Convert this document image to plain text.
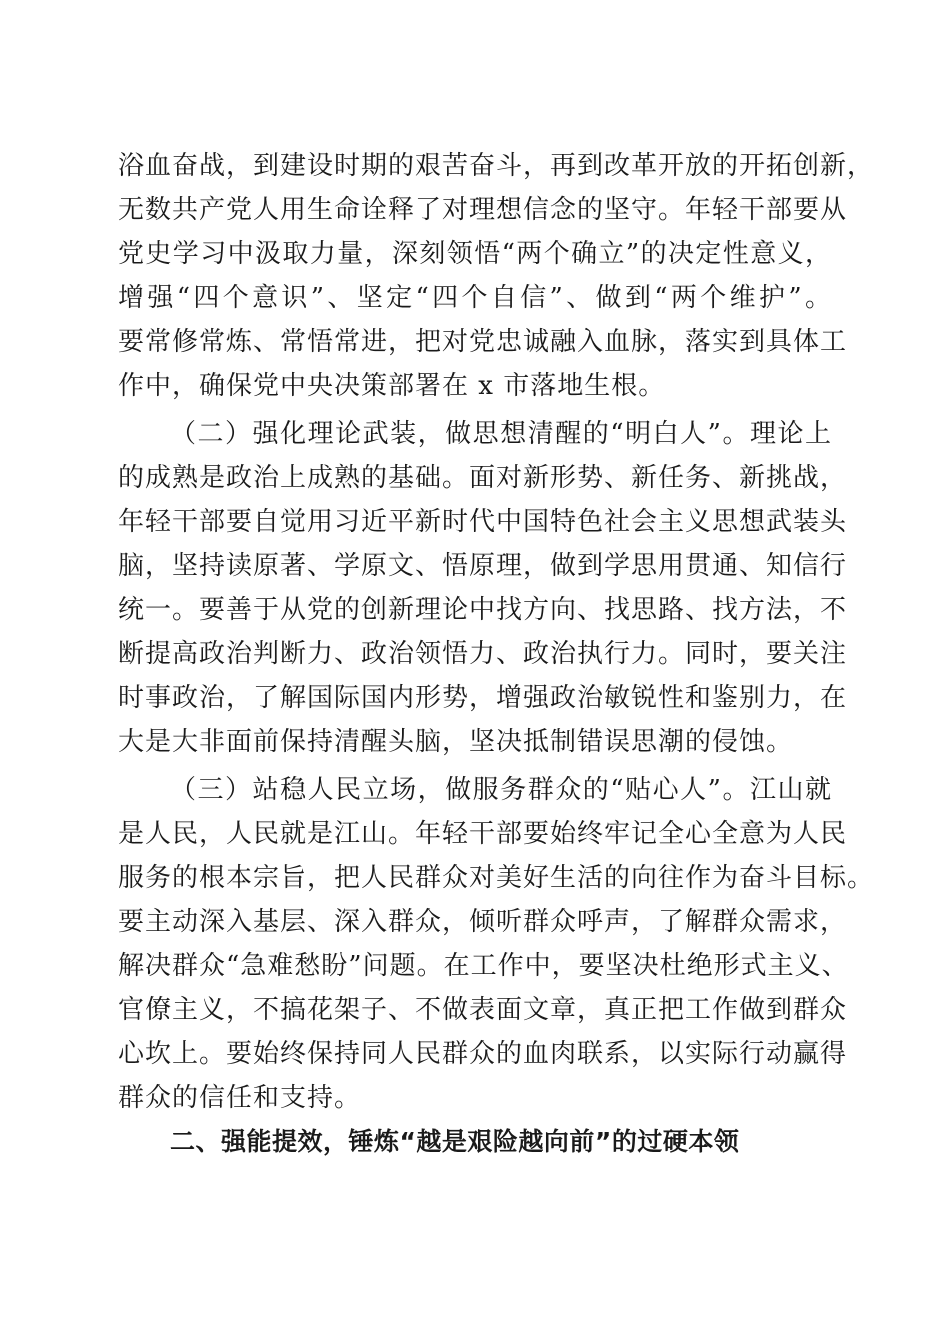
浴血奋战，到建设时期的艰苦奋斗，再到改革开放的开拓创新，
无数共产党人用生命诠释了对理想信念的坚守。年轻干部要从
党史学习中汲取力量，深刻领悟“两个确立”的决定性意义，
增强“四个意识”、坚定“四个自信”、做到“两个维护”。
要常修常炼、常悟常进，把对党忠诚融入血脉，落实到具体工
作中，确保党中央决策部署在 x 市落地生根。
（二）强化理论武装，做思想清醒的“明白人”。理论上
的成熟是政治上成熟的基础。面对新形势、新任务、新挑战，
年轻干部要自觉用习近平新时代中国特色社会主义思想武装头
脑，坚持读原著、学原文、悟原理，做到学思用贯通、知信行
统一。要善于从党的创新理论中找方向、找思路、找方法，不
断提高政治判断力、政治领悟力、政治执行力。同时，要关注
时事政治，了解国际国内形势，增强政治敏锐性和鉴别力，在
大是大非面前保持清醒头脑，坚决抵制错误思潮的侵蚀。
（三）站稳人民立场，做服务群众的“贴心人”。江山就
是人民，人民就是江山。年轻干部要始终牢记全心全意为人民
服务的根本宗旨，把人民群众对美好生活的向往作为奋斗目标。
要主动深入基层、深入群众，倾听群众呼声，了解群众需求，
解决群众“急难愁盼”问题。在工作中，要坚决杜绝形式主义、
官僚主义，不搞花架子、不做表面文章，真正把工作做到群众
心坎上。要始终保持同人民群众的血肉联系，以实际行动赢得
群众的信任和支持。
二、强能提效，锤炼“越是艰险越向前”的过硬本领
